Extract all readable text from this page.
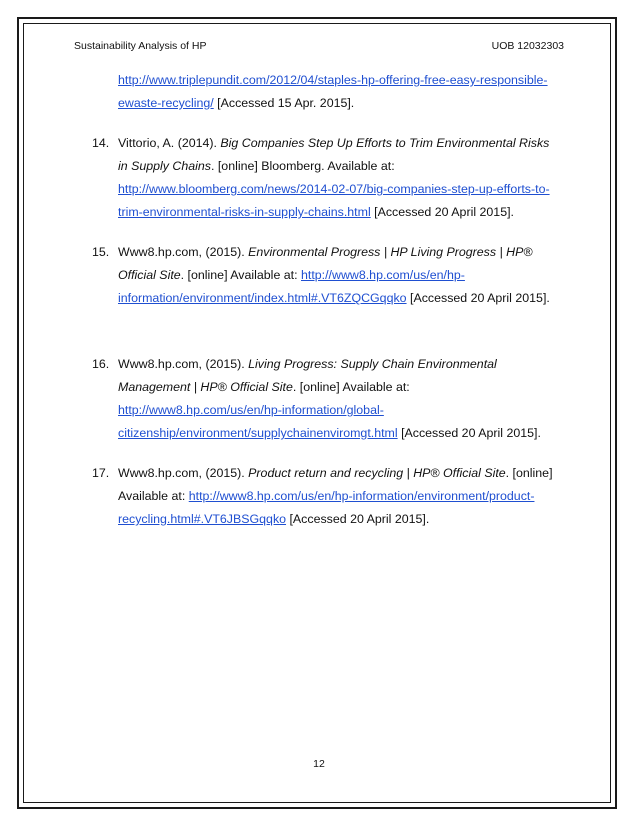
Sustainability Analysis of HP	UOB 12032303

http://www.triplepundit.com/2012/04/staples-hp-offering-free-easy-responsible-ewaste-recycling/ [Accessed 15 Apr. 2015].

14. Vittorio, A. (2014). Big Companies Step Up Efforts to Trim Environmental Risks in Supply Chains. [online] Bloomberg. Available at: http://www.bloomberg.com/news/2014-02-07/big-companies-step-up-efforts-to-trim-environmental-risks-in-supply-chains.html [Accessed 20 April 2015].

15. Www8.hp.com, (2015). Environmental Progress | HP Living Progress | HP® Official Site. [online] Available at: http://www8.hp.com/us/en/hp-information/environment/index.html#.VT6ZQCGqqko [Accessed 20 April 2015].

16. Www8.hp.com, (2015). Living Progress: Supply Chain Environmental Management | HP® Official Site. [online] Available at: http://www8.hp.com/us/en/hp-information/global-citizenship/environment/supplychainenviromgt.html [Accessed 20 April 2015].

17. Www8.hp.com, (2015). Product return and recycling | HP® Official Site. [online] Available at: http://www8.hp.com/us/en/hp-information/environment/product-recycling.html#.VT6JBSGqqko [Accessed 20 April 2015].

12
